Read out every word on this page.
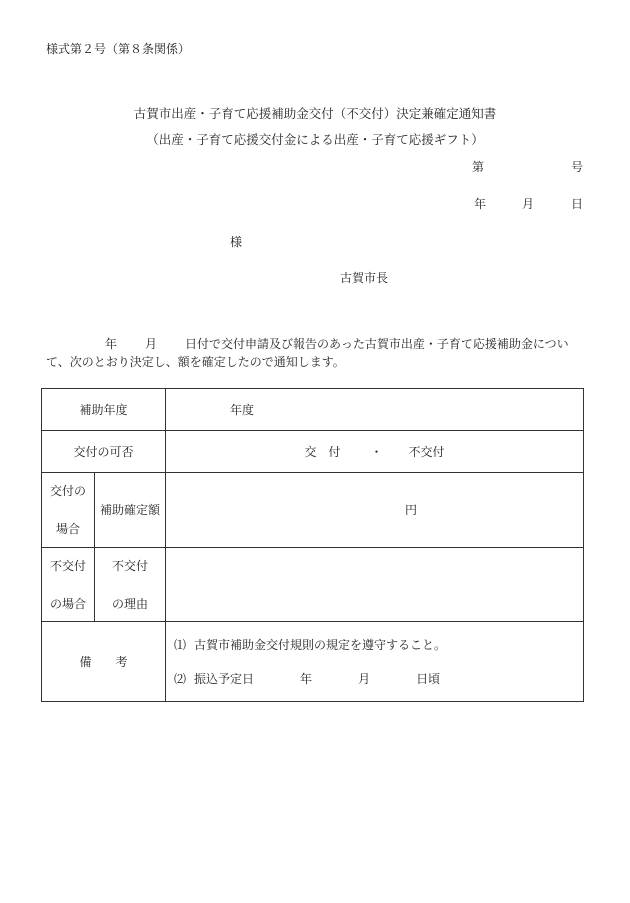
様式第２号（第８条関係）
古賀市出産・子育て応援補助金交付（不交付）決定兼確定通知書
（出産・子育て応援交付金による出産・子育て応援ギフト）
第	号
年	月	日
様
古賀市長
年 月 日付で交付申請及び報告のあった古賀市出産・子育て応援補助金について、次のとおり決定し、額を確定したので通知します。
補助年度		年度
交付の可否		交　付 ・ 不交付

交付の
場合	補助確定額	円

不交付
の場合	不交付
の理由	

備　　考		⑴ 古賀市補助金交付規則の規定を遵守すること。
⑵ 振込予定日 年 月 日頃
